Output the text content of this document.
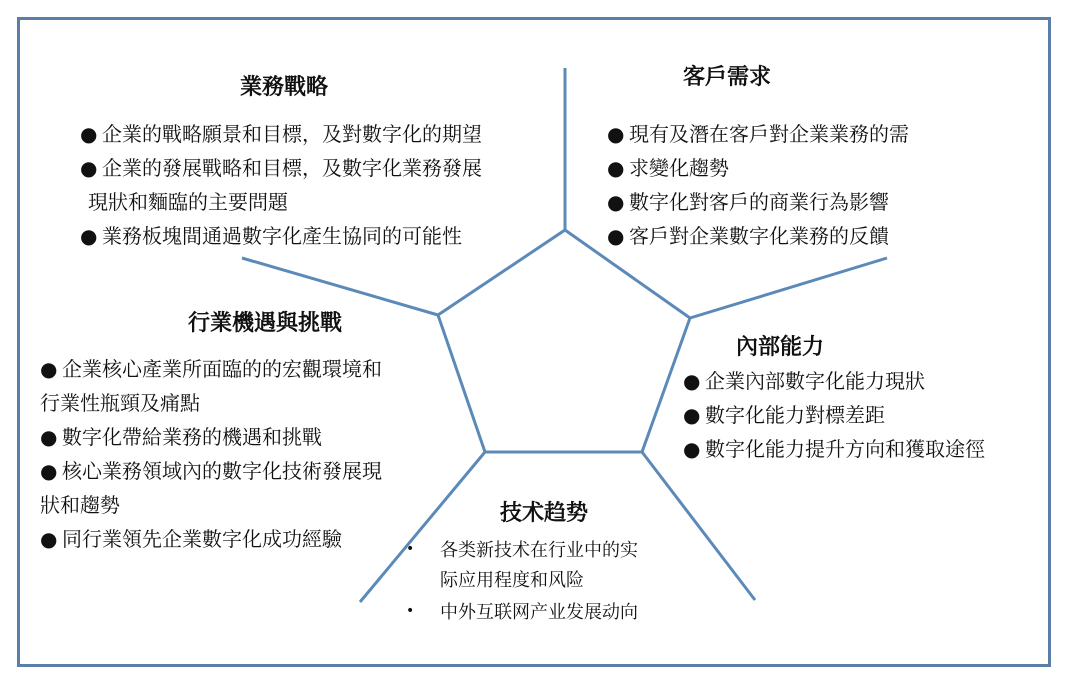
業務戰略
● 企業的戰略願景和目標，及對數字化的期望
● 企業的發展戰略和目標，及數字化業務發展
現狀和麵臨的主要問題
● 業務板塊間通過數字化產生協同的可能性
客戶需求
● 現有及潛在客戶對企業業務的需
● 求變化趨勢
● 數字化對客戶的商業行為影響
● 客戶對企業數字化業務的反饋
行業機遇與挑戰
● 企業核心產業所面臨的的宏觀環境和
行業性瓶頸及痛點
● 數字化帶給業務的機遇和挑戰
● 核心業務領域內的數字化技術發展現
狀和趨勢
● 同行業領先企業數字化成功經驗
內部能力
● 企業內部數字化能力現狀
● 數字化能力對標差距
● 數字化能力提升方向和獲取途徑
技术趋势
• 各类新技术在行业中的实
际应用程度和风险
• 中外互联网产业发展动向
